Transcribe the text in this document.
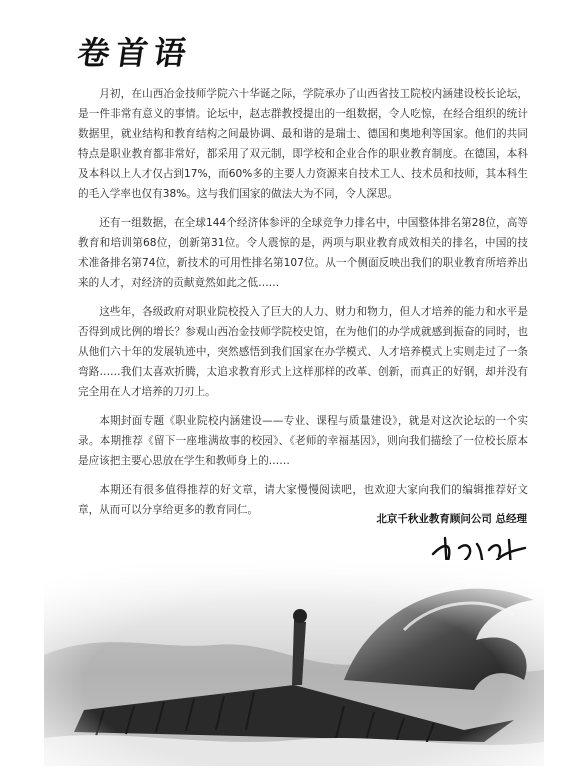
卷首语

月初，在山西冶金技师学院六十华诞之际，学院承办了山西省技工院校内涵建设校长论坛，是一件非常有意义的事情。论坛中，赵志群教授提出的一组数据，令人吃惊，在经合组织的统计数据里，就业结构和教育结构之间最协调、最和谐的是瑞士、德国和奥地利等国家。他们的共同特点是职业教育都非常好，都采用了双元制，即学校和企业合作的职业教育制度。在德国，本科及本科以上人才仅占到17%，而60%多的主要人力资源来自技术工人、技术员和技师，其本科生的毛入学率也仅有38%。这与我们国家的做法大为不同，令人深思。

还有一组数据，在全球144个经济体参评的全球竞争力排名中，中国整体排名第28位，高等教育和培训第68位，创新第31位。令人震惊的是，两项与职业教育成效相关的排名，中国的技术准备排名第74位，新技术的可用性排名第107位。从一个侧面反映出我们的职业教育所培养出来的人才，对经济的贡献竟然如此之低……

这些年，各级政府对职业院校投入了巨大的人力、财力和物力，但人才培养的能力和水平是否得到成比例的增长？参观山西冶金技师学院校史馆，在为他们的办学成就感到振奋的同时，也从他们六十年的发展轨迹中，突然感悟到我们国家在办学模式、人才培养模式上实则走过了一条弯路……我们太喜欢折腾，太追求教育形式上这样那样的改革、创新，而真正的好钢，却并没有完全用在人才培养的刀刃上。

本期封面专题《职业院校内涵建设——专业、课程与质量建设》，就是对这次论坛的一个实录。本期推荐《留下一座堆满故事的校园》、《老师的幸福基因》，则向我们描绘了一位校长原本是应该把主要心思放在学生和教师身上的……

本期还有很多值得推荐的好文章，请大家慢慢阅读吧，也欢迎大家向我们的编辑推荐好文章，从而可以分享给更多的教育同仁。

北京千秋业教育顾问公司 总经理
